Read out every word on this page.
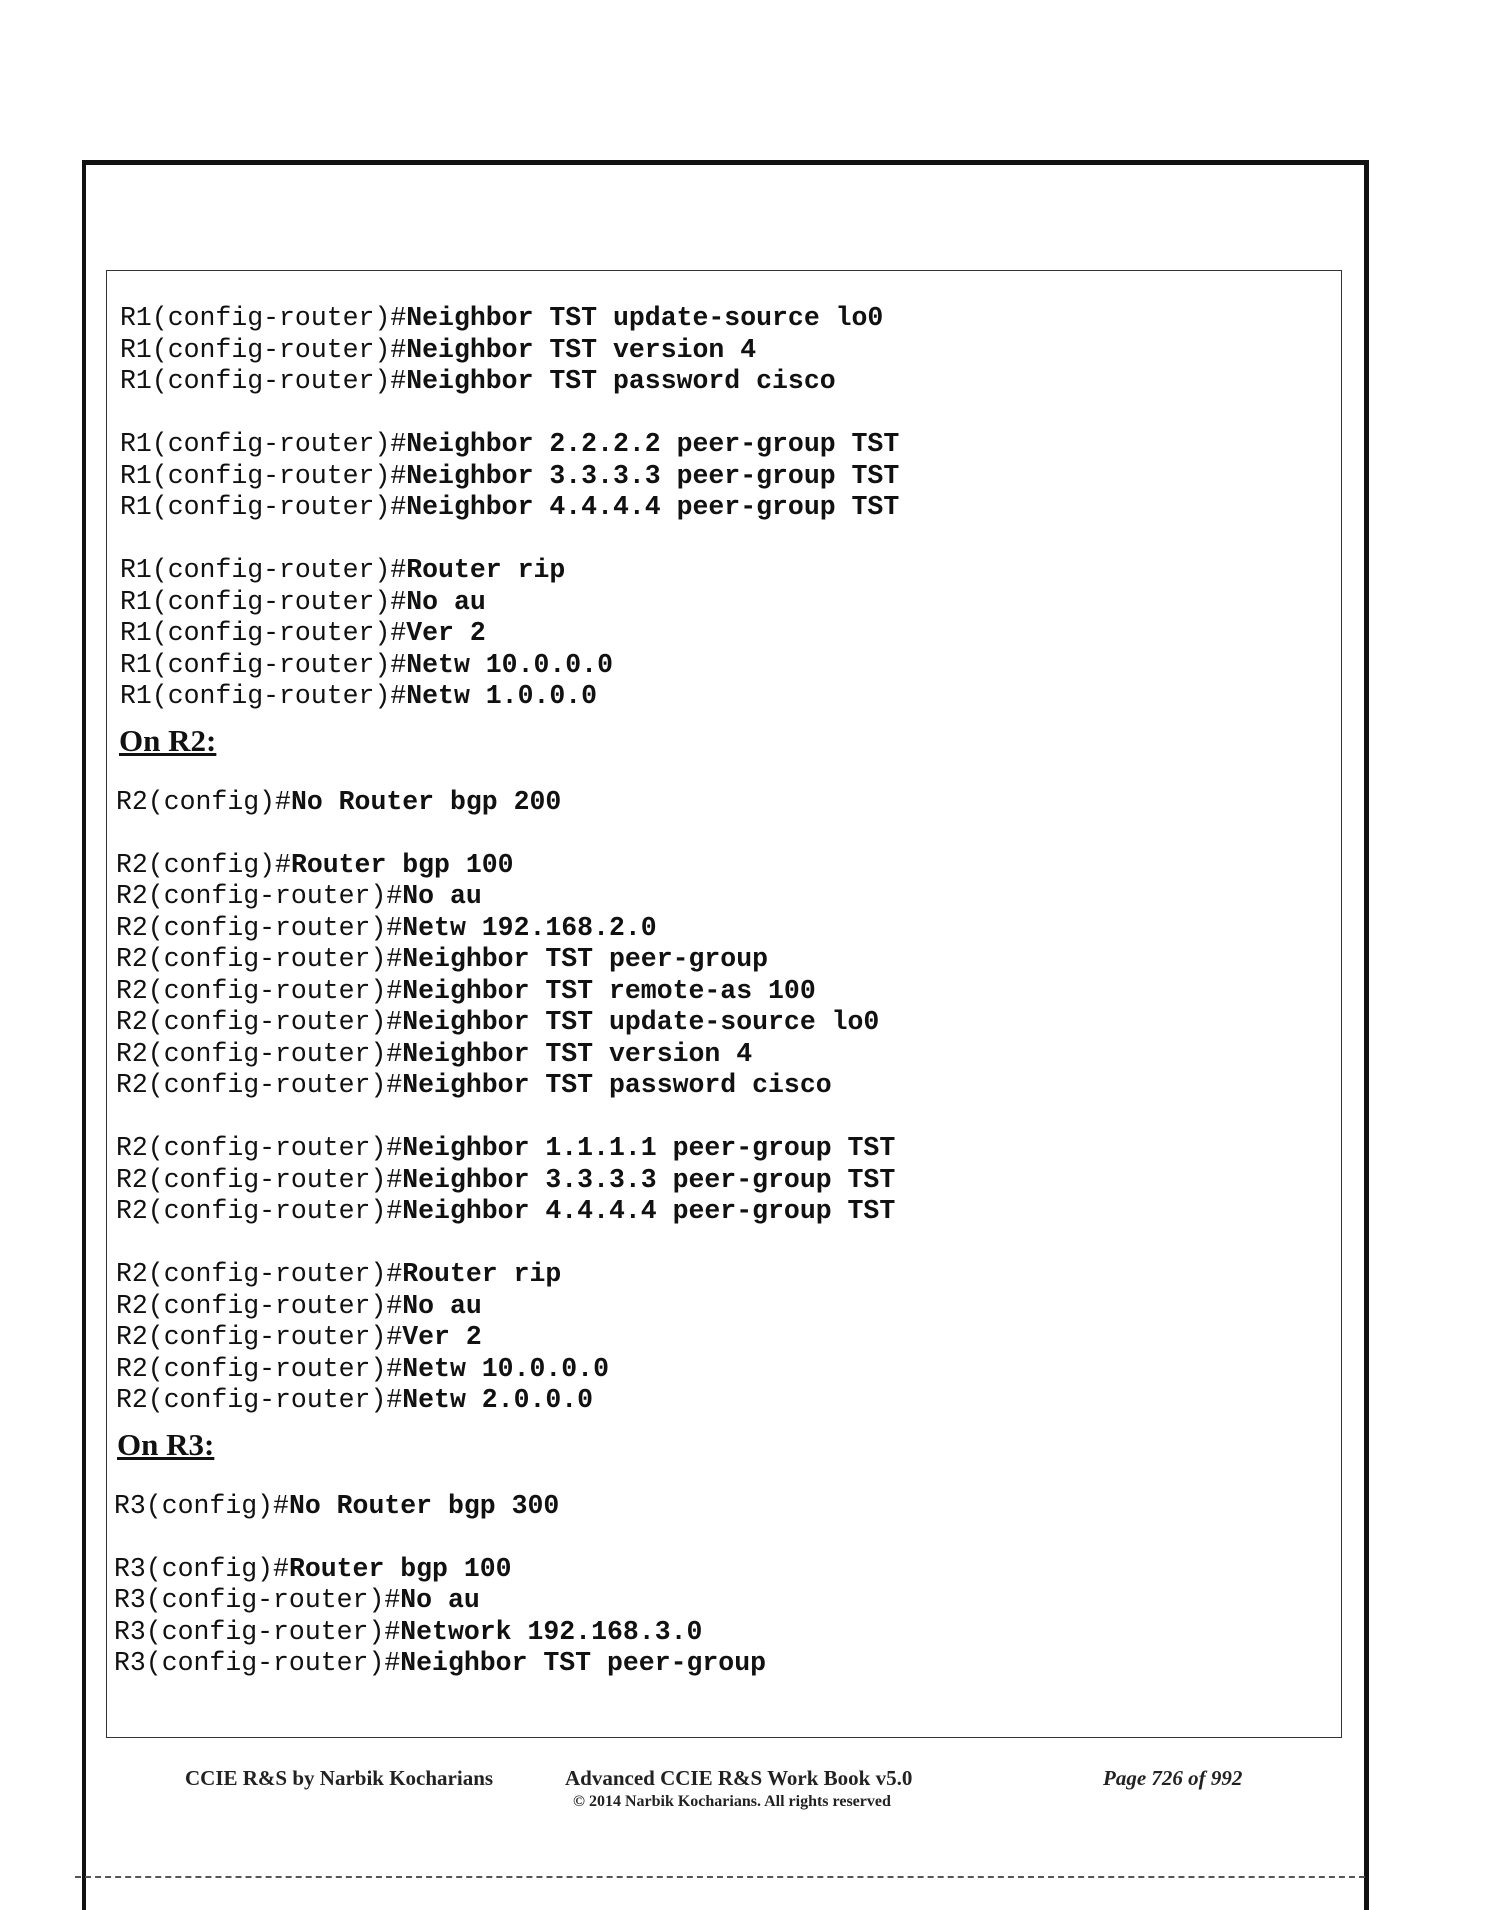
R1(config-router)#Neighbor TST update-source lo0
R1(config-router)#Neighbor TST version 4
R1(config-router)#Neighbor TST password cisco
R1(config-router)#Neighbor 2.2.2.2 peer-group TST
R1(config-router)#Neighbor 3.3.3.3 peer-group TST
R1(config-router)#Neighbor 4.4.4.4 peer-group TST
R1(config-router)#Router rip
R1(config-router)#No au
R1(config-router)#Ver 2
R1(config-router)#Netw 10.0.0.0
R1(config-router)#Netw 1.0.0.0
On R2:
R2(config)#No Router bgp 200
R2(config)#Router bgp 100
R2(config-router)#No au
R2(config-router)#Netw 192.168.2.0
R2(config-router)#Neighbor TST peer-group
R2(config-router)#Neighbor TST remote-as 100
R2(config-router)#Neighbor TST update-source lo0
R2(config-router)#Neighbor TST version 4
R2(config-router)#Neighbor TST password cisco
R2(config-router)#Neighbor 1.1.1.1 peer-group TST
R2(config-router)#Neighbor 3.3.3.3 peer-group TST
R2(config-router)#Neighbor 4.4.4.4 peer-group TST
R2(config-router)#Router rip
R2(config-router)#No au
R2(config-router)#Ver 2
R2(config-router)#Netw 10.0.0.0
R2(config-router)#Netw 2.0.0.0
On R3:
R3(config)#No Router bgp 300
R3(config)#Router bgp 100
R3(config-router)#No au
R3(config-router)#Network 192.168.3.0
R3(config-router)#Neighbor TST peer-group
CCIE R&S by Narbik Kocharians	Advanced CCIE R&S Work Book v5.0
© 2014 Narbik Kocharians. All rights reserved
Page 726 of 992
